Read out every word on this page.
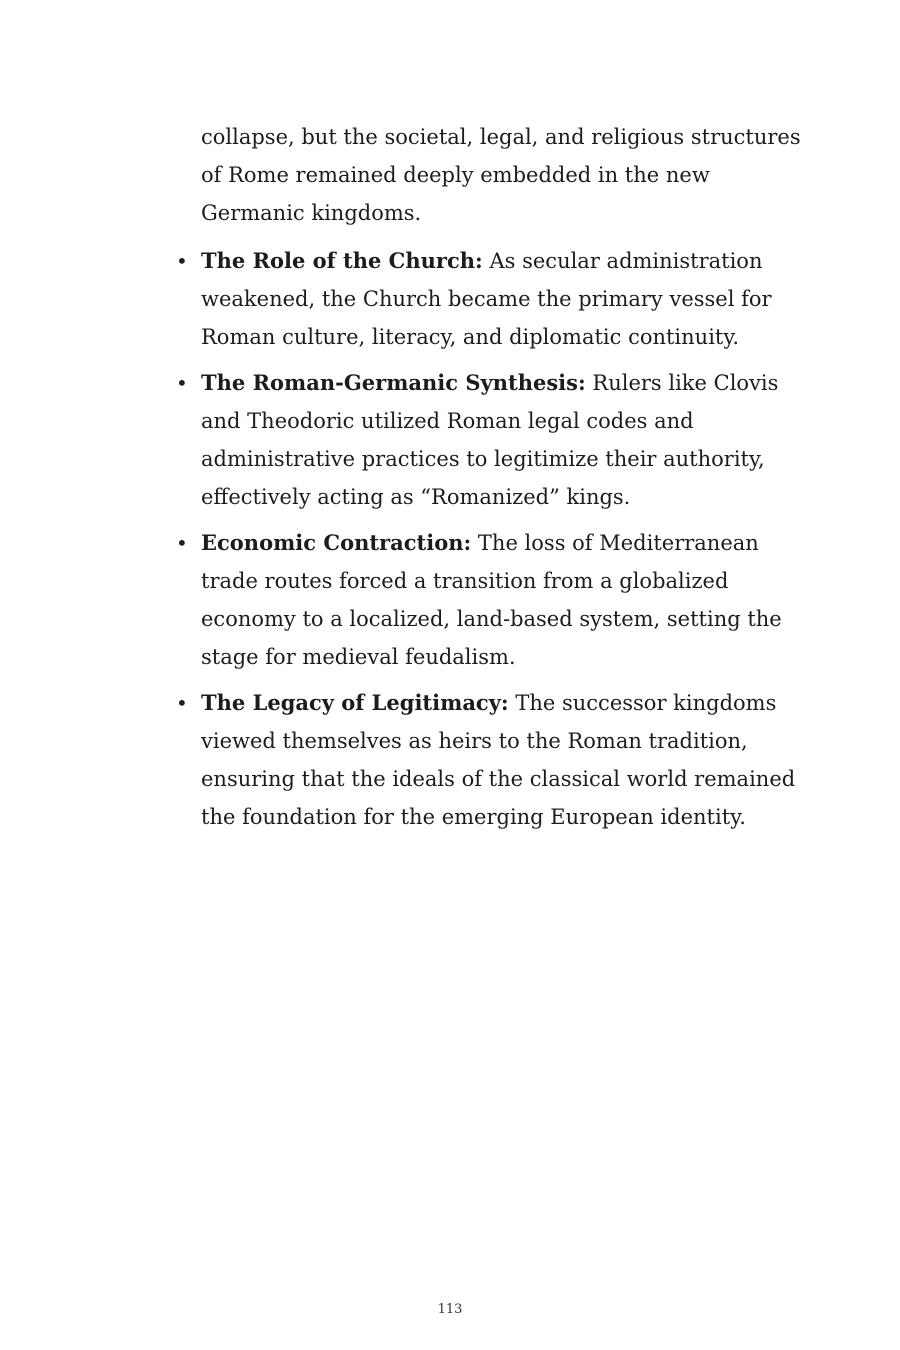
collapse, but the societal, legal, and religious structures of Rome remained deeply embedded in the new Germanic kingdoms.

• The Role of the Church: As secular administration weakened, the Church became the primary vessel for Roman culture, literacy, and diplomatic continuity.
• The Roman-Germanic Synthesis: Rulers like Clovis and Theodoric utilized Roman legal codes and administrative practices to legitimize their authority, effectively acting as “Romanized” kings.
• Economic Contraction: The loss of Mediterranean trade routes forced a transition from a globalized economy to a localized, land-based system, setting the stage for medieval feudalism.
• The Legacy of Legitimacy: The successor kingdoms viewed themselves as heirs to the Roman tradition, ensuring that the ideals of the classical world remained the foundation for the emerging European identity.
113
